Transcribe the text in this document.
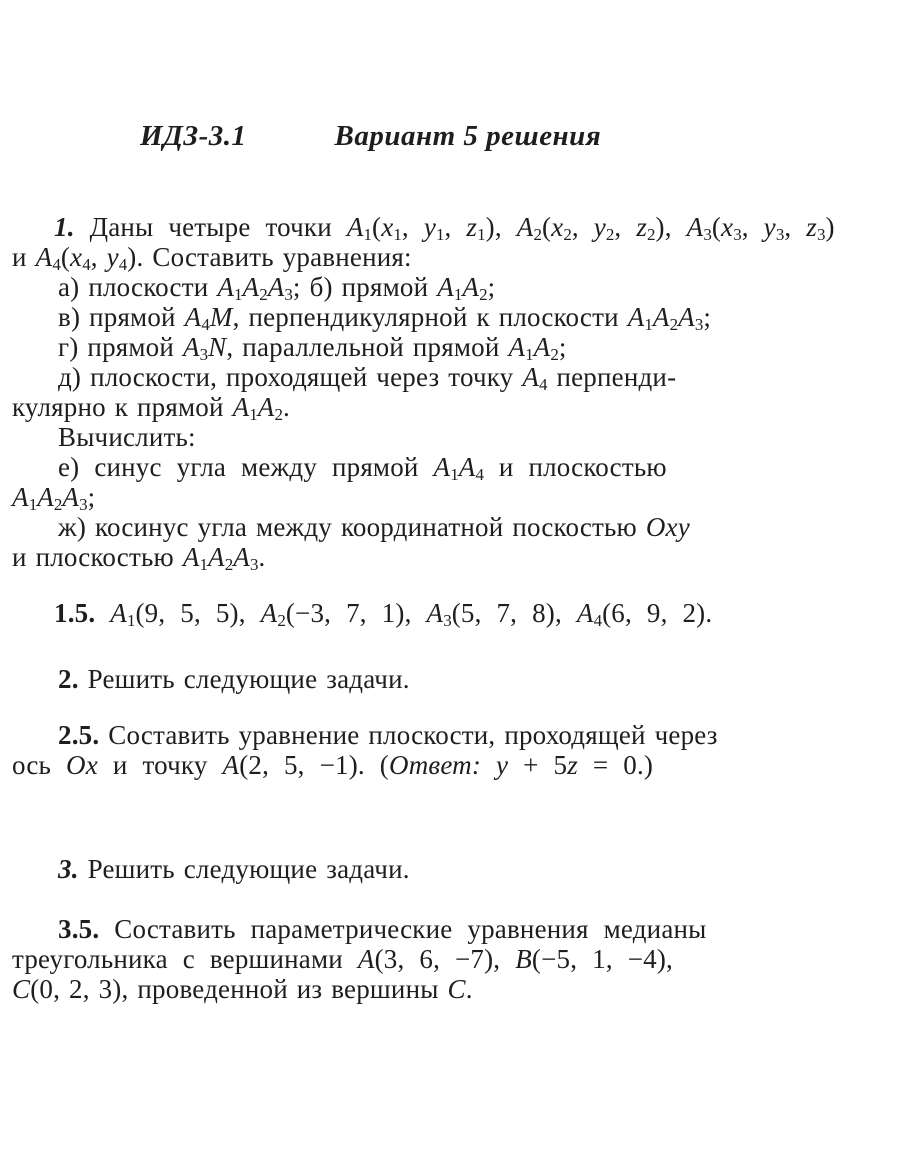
ИДЗ-3.1	Вариант 5 решения
1. Даны четыре точки A1(x1, y1, z1), A2(x2, y2, z2), A3(x3, y3, z3)
и A4(x4, y4). Составить уравнения:
а) плоскости A1A2A3; б) прямой A1A2;
в) прямой A4M, перпендикулярной к плоскости A1A2A3;
г) прямой A3N, параллельной прямой A1A2;
д) плоскости, проходящей через точку A4 перпенди-
кулярно к прямой A1A2.
Вычислить:
е) синус угла между прямой A1A4 и плоскостью
A1A2A3;
ж) косинус угла между координатной поскостью Oxy
и плоскостью A1A2A3.
1.5. A1(9, 5, 5), A2(−3, 7, 1), A3(5, 7, 8), A4(6, 9, 2).
2. Решить следующие задачи.
2.5. Составить уравнение плоскости, проходящей через
ось Ox и точку A(2, 5, −1). (Ответ: y + 5z = 0.)
3. Решить следующие задачи.
3.5. Составить параметрические уравнения медианы
треугольника с вершинами A(3, 6, −7), B(−5, 1, −4),
C(0, 2, 3), проведенной из вершины C.
